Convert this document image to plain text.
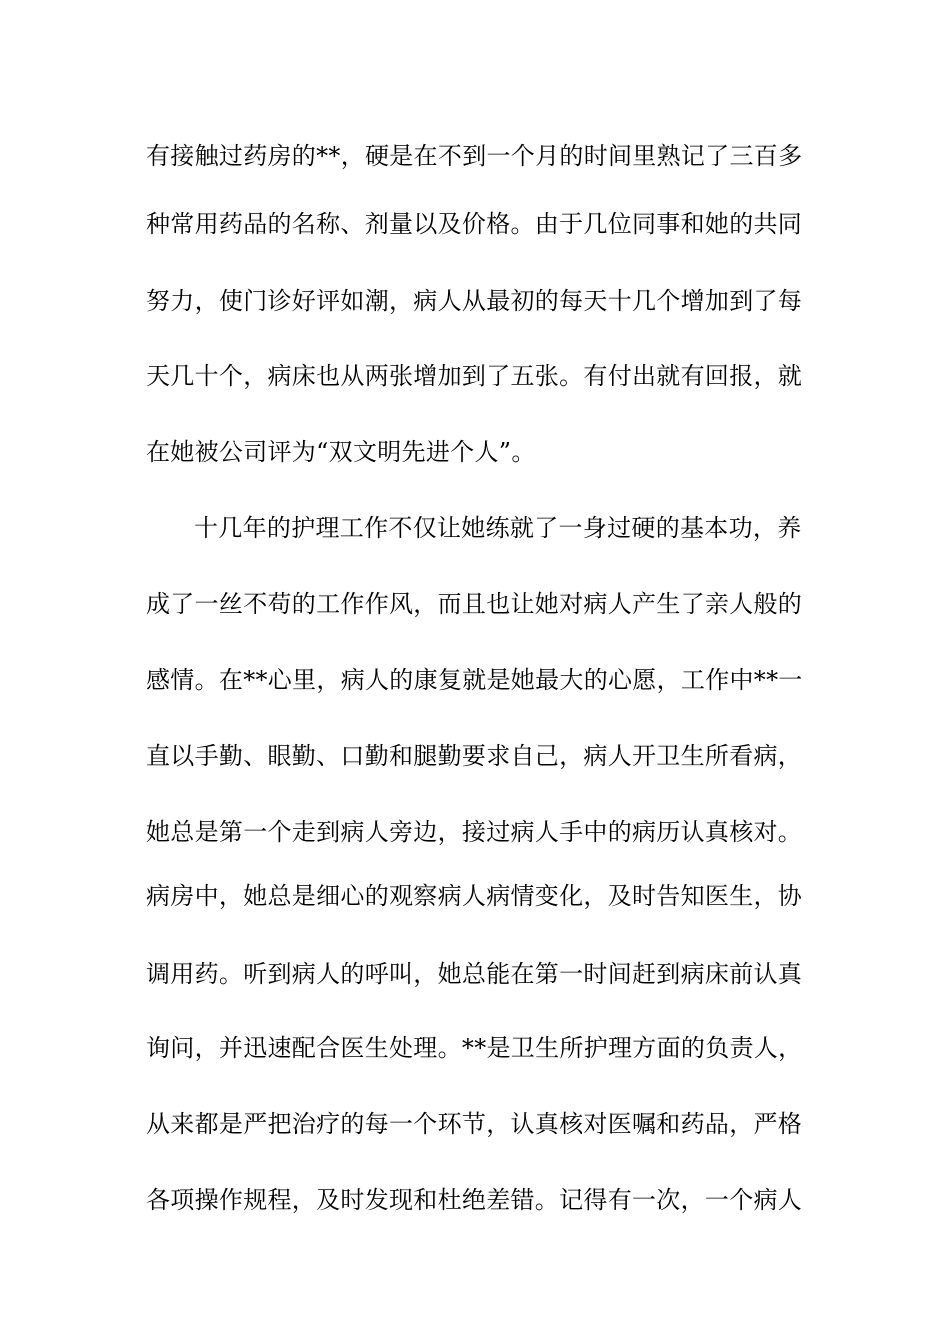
有接触过药房的**，硬是在不到一个月的时间里熟记了三百多
种常用药品的名称、剂量以及价格。由于几位同事和她的共同
努力，使门诊好评如潮，病人从最初的每天十几个增加到了每
天几十个，病床也从两张增加到了五张。有付出就有回报，就
在她被公司评为“双文明先进个人”。
十几年的护理工作不仅让她练就了一身过硬的基本功，养
成了一丝不苟的工作作风，而且也让她对病人产生了亲人般的
感情。在**心里，病人的康复就是她最大的心愿，工作中**一
直以手勤、眼勤、口勤和腿勤要求自己，病人开卫生所看病，
她总是第一个走到病人旁边，接过病人手中的病历认真核对。
病房中，她总是细心的观察病人病情变化，及时告知医生，协
调用药。听到病人的呼叫，她总能在第一时间赶到病床前认真
询问，并迅速配合医生处理。**是卫生所护理方面的负责人，
从来都是严把治疗的每一个环节，认真核对医嘱和药品，严格
各项操作规程，及时发现和杜绝差错。记得有一次，一个病人
